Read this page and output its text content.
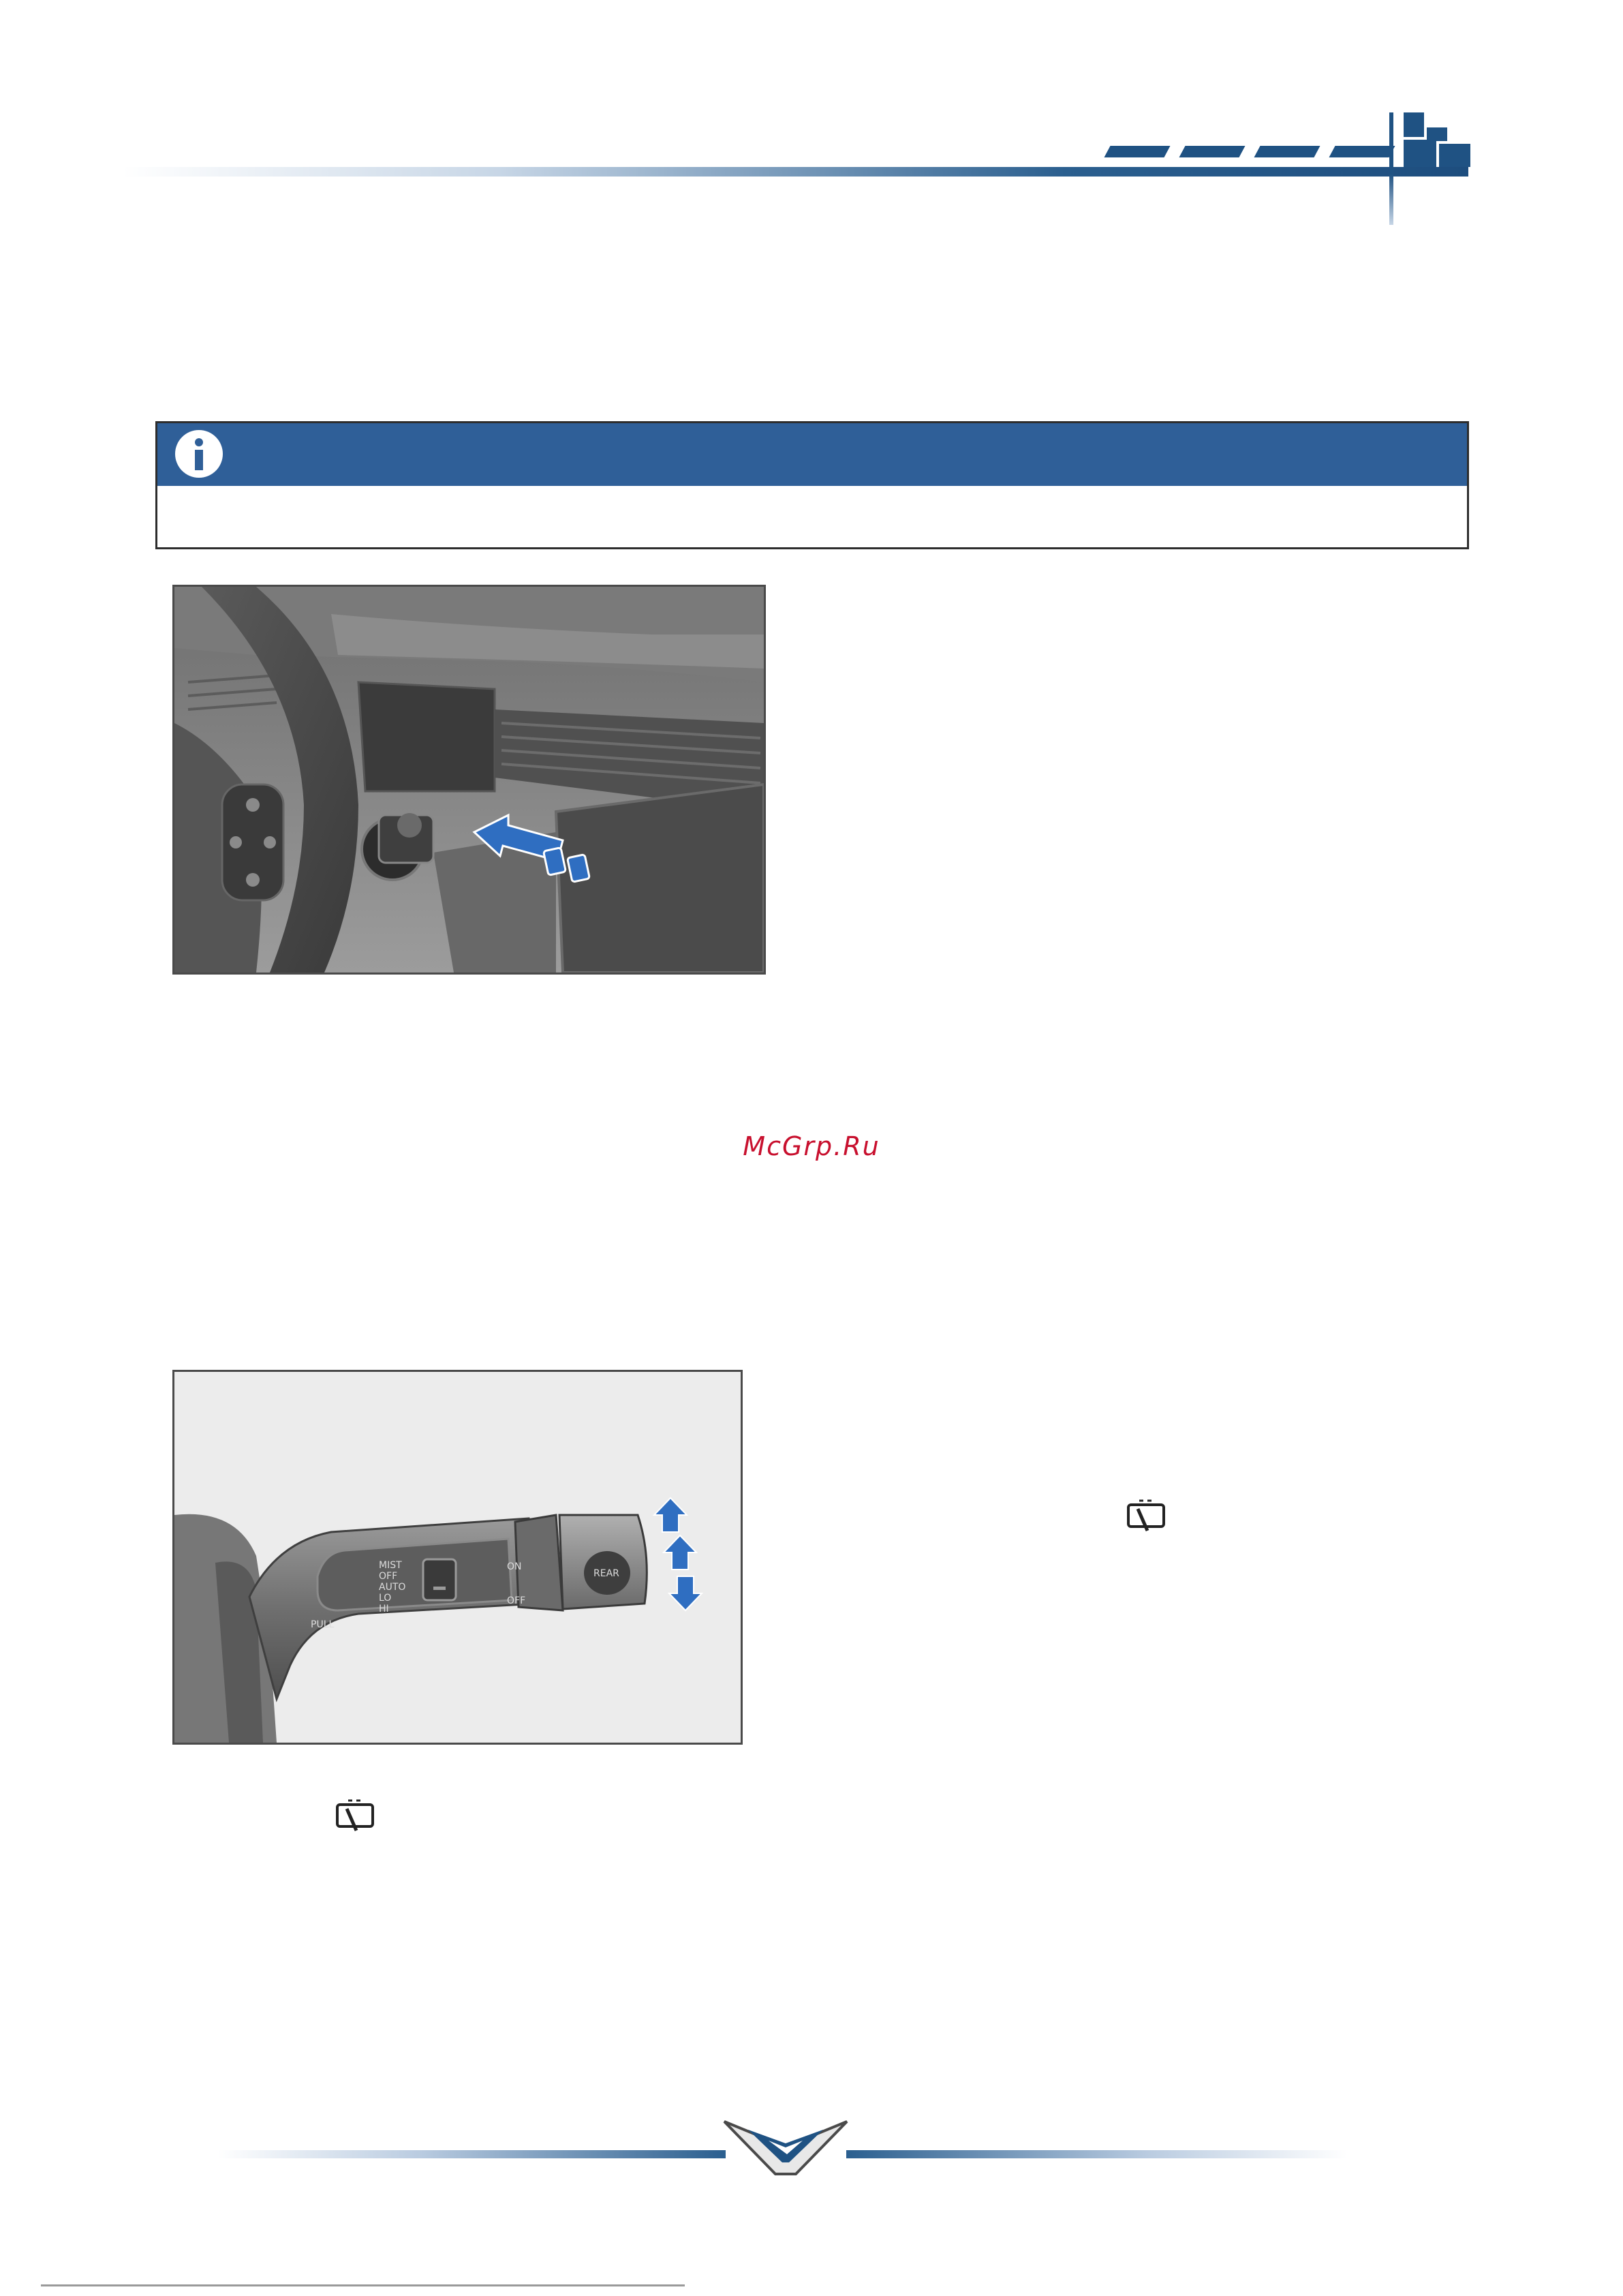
McGrp.Ru
MIST
OFF
AUTO
LO
HI
PULL
ON
OFF
REAR
